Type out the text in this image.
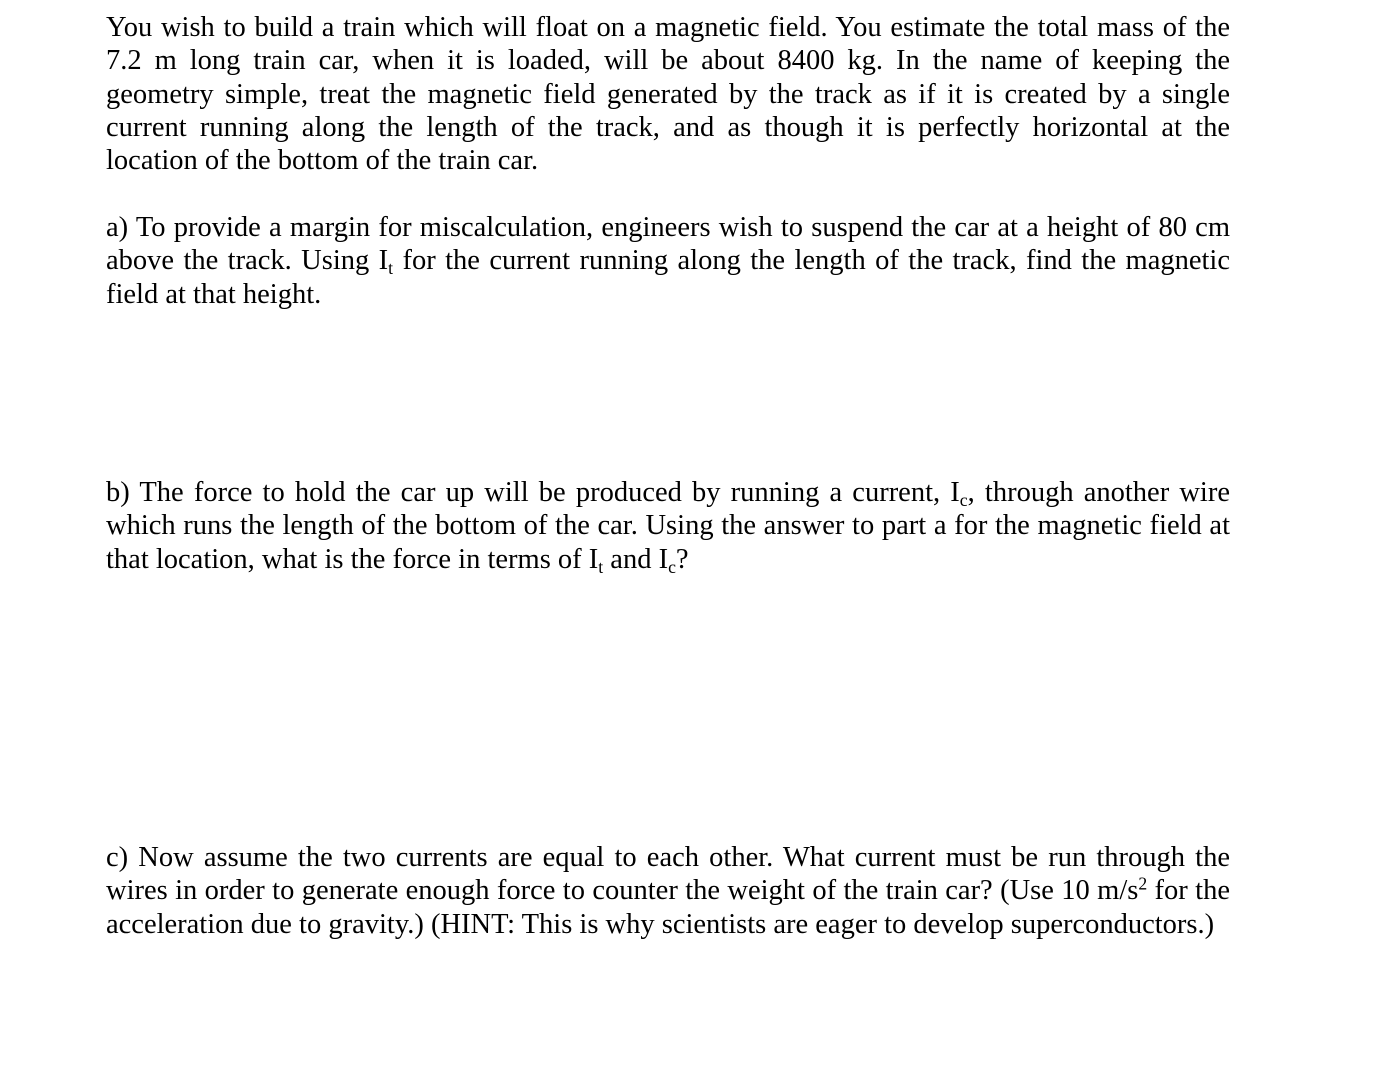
You wish to build a train which will float on a magnetic field. You estimate the total mass of the 7.2 m long train car, when it is loaded, will be about 8400 kg. In the name of keeping the geometry simple, treat the magnetic field generated by the track as if it is created by a single current running along the length of the track, and as though it is perfectly horizontal at the location of the bottom of the train car.

a) To provide a margin for miscalculation, engineers wish to suspend the car at a height of 80 cm above the track. Using $I_t$ for the current running along the length of the track, find the magnetic field at that height.

b) The force to hold the car up will be produced by running a current, $I_c$, through another wire which runs the length of the bottom of the car. Using the answer to part a for the magnetic field at that location, what is the force in terms of $I_t$ and $I_c$?

c) Now assume the two currents are equal to each other. What current must be run through the wires in order to generate enough force to counter the weight of the train car? (Use 10 $m/s^2$ for the acceleration due to gravity.) (HINT: This is why scientists are eager to develop superconductors.)
